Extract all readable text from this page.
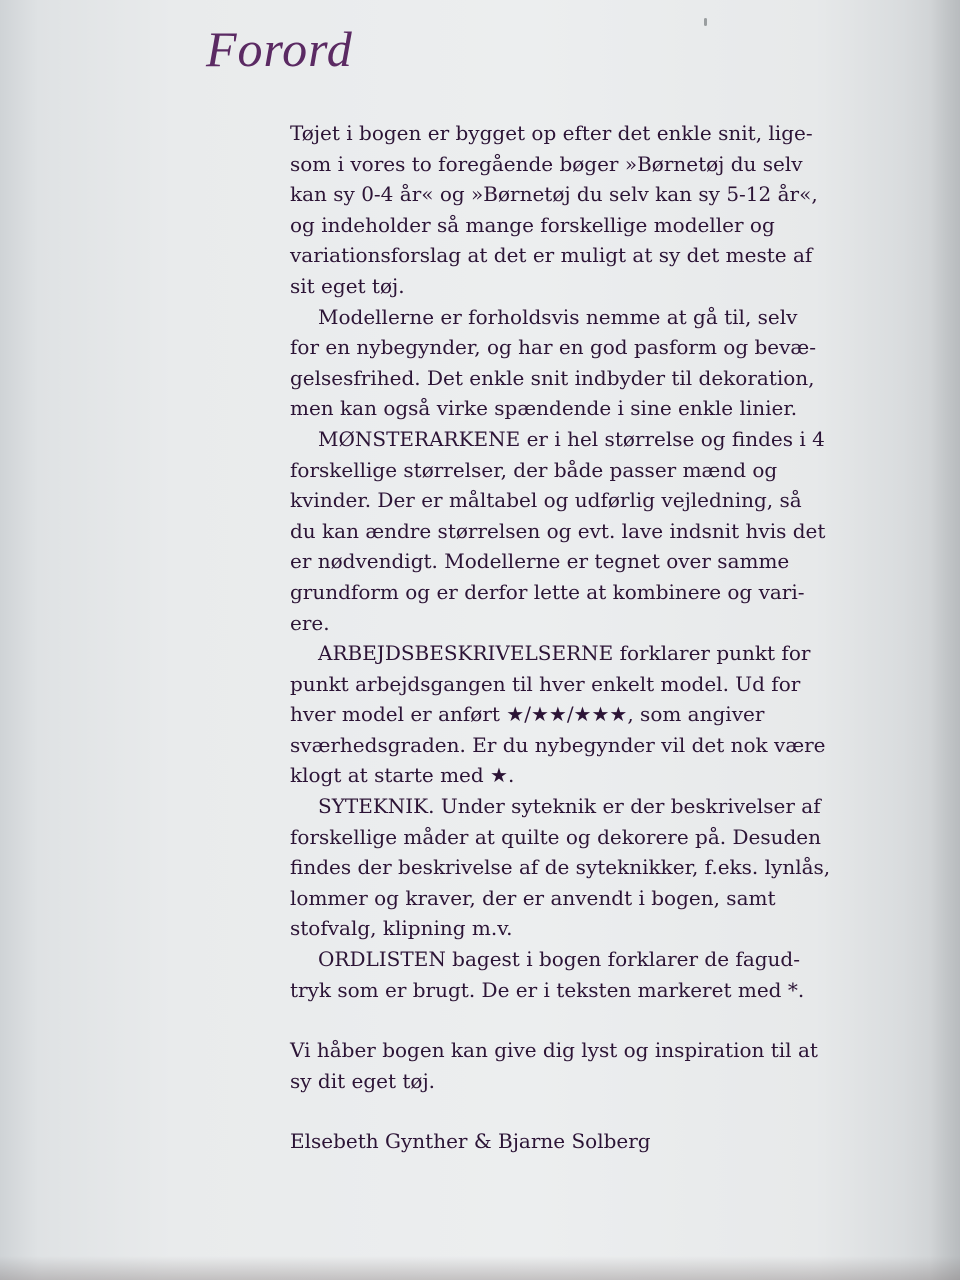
Forord
Tøjet i bogen er bygget op efter det enkle snit, lige-
som i vores to foregående bøger »Børnetøj du selv
kan sy 0-4 år« og »Børnetøj du selv kan sy 5-12 år«,
og indeholder så mange forskellige modeller og
variationsforslag at det er muligt at sy det meste af
sit eget tøj.
Modellerne er forholdsvis nemme at gå til, selv
for en nybegynder, og har en god pasform og bevæ-
gelsesfrihed. Det enkle snit indbyder til dekoration,
men kan også virke spændende i sine enkle linier.
MØNSTERARKENE er i hel størrelse og findes i 4
forskellige størrelser, der både passer mænd og
kvinder. Der er måltabel og udførlig vejledning, så
du kan ændre størrelsen og evt. lave indsnit hvis det
er nødvendigt. Modellerne er tegnet over samme
grundform og er derfor lette at kombinere og vari-
ere.
ARBEJDSBESKRIVELSERNE forklarer punkt for
punkt arbejdsgangen til hver enkelt model. Ud for
hver model er anført ★/★★/★★★, som angiver
sværhedsgraden. Er du nybegynder vil det nok være
klogt at starte med ★.
SYTEKNIK. Under syteknik er der beskrivelser af
forskellige måder at quilte og dekorere på. Desuden
findes der beskrivelse af de syteknikker, f.eks. lynlås,
lommer og kraver, der er anvendt i bogen, samt
stofvalg, klipning m.v.
ORDLISTEN bagest i bogen forklarer de fagud-
tryk som er brugt. De er i teksten markeret med *.
Vi håber bogen kan give dig lyst og inspiration til at
sy dit eget tøj.
Elsebeth Gynther & Bjarne Solberg
